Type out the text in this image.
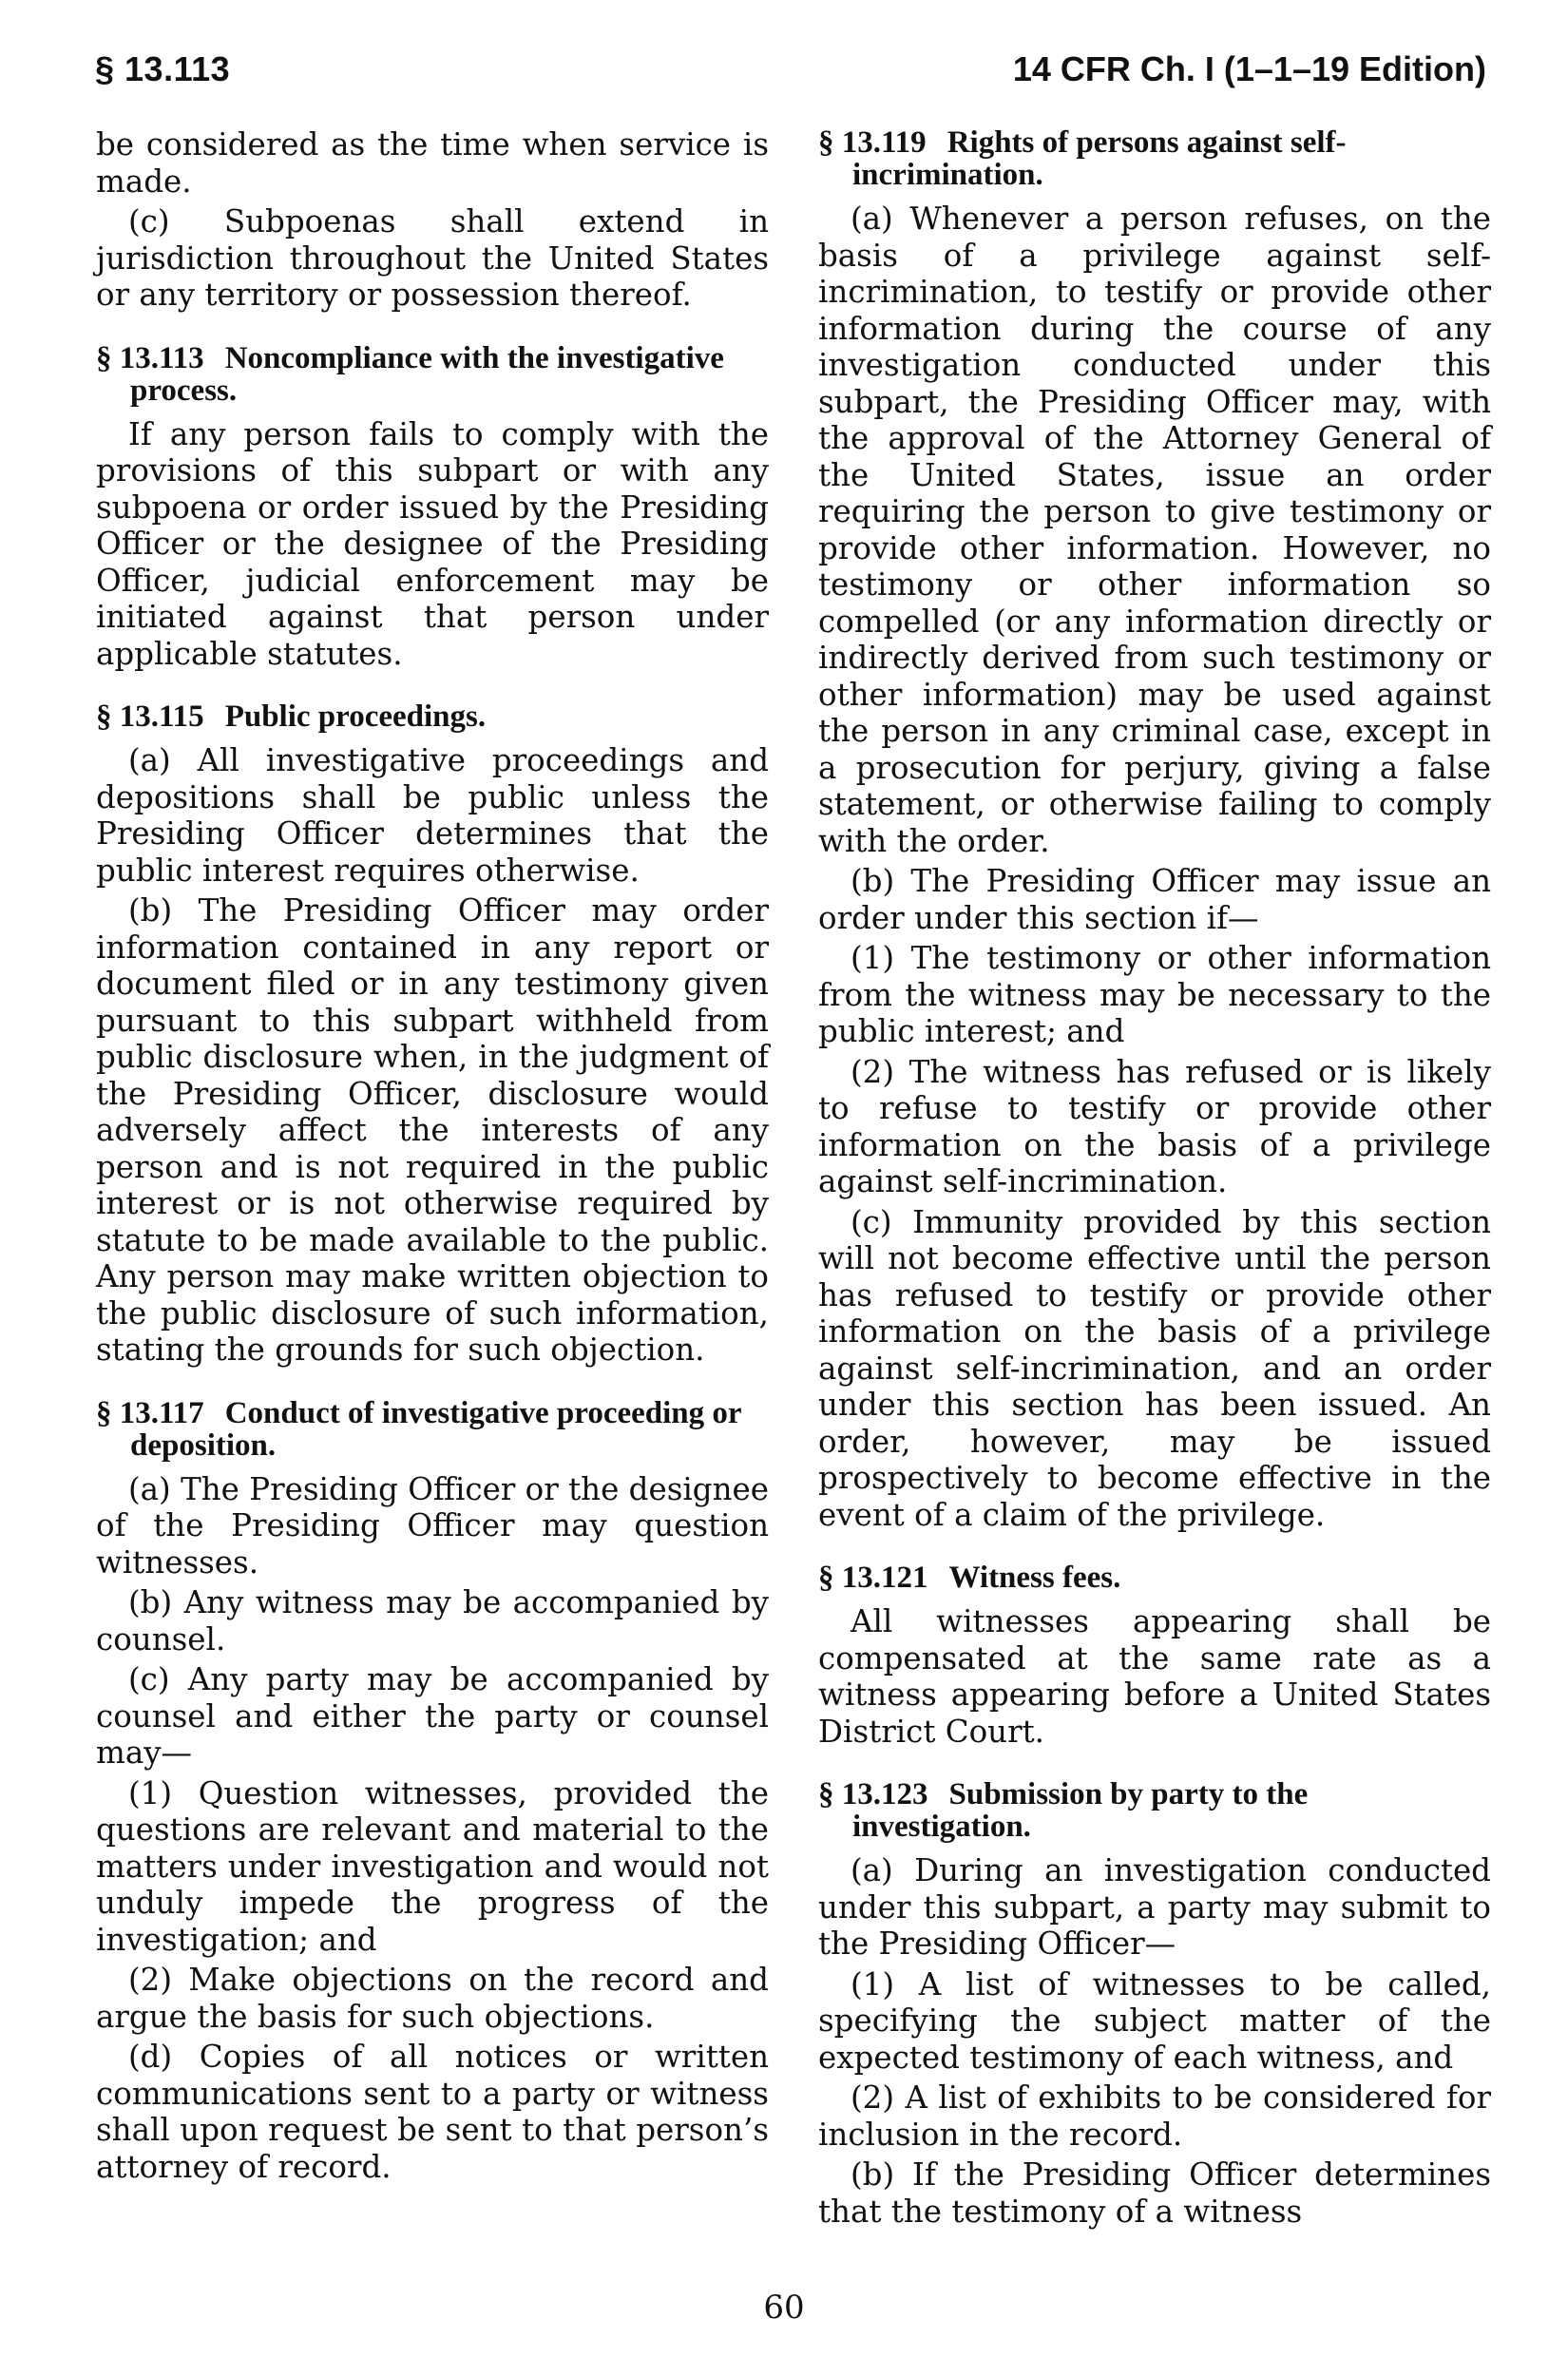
§ 13.113	14 CFR Ch. I (1–1–19 Edition)

be considered as the time when service is made.

(c) Subpoenas shall extend in jurisdiction throughout the United States or any territory or possession thereof.

§ 13.113 Noncompliance with the investigative process.

If any person fails to comply with the provisions of this subpart or with any subpoena or order issued by the Presiding Officer or the designee of the Presiding Officer, judicial enforcement may be initiated against that person under applicable statutes.

§ 13.115 Public proceedings.

(a) All investigative proceedings and depositions shall be public unless the Presiding Officer determines that the public interest requires otherwise.

(b) The Presiding Officer may order information contained in any report or document filed or in any testimony given pursuant to this subpart withheld from public disclosure when, in the judgment of the Presiding Officer, disclosure would adversely affect the interests of any person and is not required in the public interest or is not otherwise required by statute to be made available to the public. Any person may make written objection to the public disclosure of such information, stating the grounds for such objection.

§ 13.117 Conduct of investigative proceeding or deposition.

(a) The Presiding Officer or the designee of the Presiding Officer may question witnesses.

(b) Any witness may be accompanied by counsel.

(c) Any party may be accompanied by counsel and either the party or counsel may—

(1) Question witnesses, provided the questions are relevant and material to the matters under investigation and would not unduly impede the progress of the investigation; and

(2) Make objections on the record and argue the basis for such objections.

(d) Copies of all notices or written communications sent to a party or witness shall upon request be sent to that person’s attorney of record.

§ 13.119 Rights of persons against self-incrimination.

(a) Whenever a person refuses, on the basis of a privilege against self-incrimination, to testify or provide other information during the course of any investigation conducted under this subpart, the Presiding Officer may, with the approval of the Attorney General of the United States, issue an order requiring the person to give testimony or provide other information. However, no testimony or other information so compelled (or any information directly or indirectly derived from such testimony or other information) may be used against the person in any criminal case, except in a prosecution for perjury, giving a false statement, or otherwise failing to comply with the order.

(b) The Presiding Officer may issue an order under this section if—

(1) The testimony or other information from the witness may be necessary to the public interest; and

(2) The witness has refused or is likely to refuse to testify or provide other information on the basis of a privilege against self-incrimination.

(c) Immunity provided by this section will not become effective until the person has refused to testify or provide other information on the basis of a privilege against self-incrimination, and an order under this section has been issued. An order, however, may be issued prospectively to become effective in the event of a claim of the privilege.

§ 13.121 Witness fees.

All witnesses appearing shall be compensated at the same rate as a witness appearing before a United States District Court.

§ 13.123 Submission by party to the investigation.

(a) During an investigation conducted under this subpart, a party may submit to the Presiding Officer—

(1) A list of witnesses to be called, specifying the subject matter of the expected testimony of each witness, and

(2) A list of exhibits to be considered for inclusion in the record.

(b) If the Presiding Officer determines that the testimony of a witness

60
